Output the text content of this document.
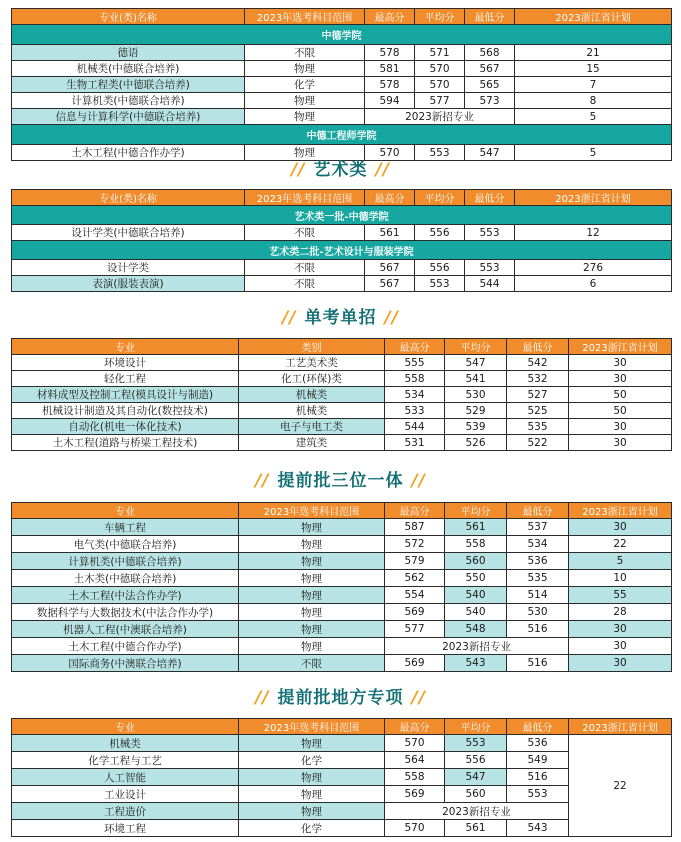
专业(类)名称	2023年选考科目范围	最高分	平均分	最低分	2023浙江省计划
中德学院					
德语	不限	578	571	568	21
机械类(中德联合培养)	物理	581	570	567	15
生物工程类(中德联合培养)	化学	578	570	565	7
计算机类(中德联合培养)	物理	594	577	573	8
信息与计算科学(中德联合培养)	物理	2023新招专业			5
中德工程师学院					
土木工程(中德合作办学)	物理	570	553	547	5
// 艺术类 //
专业(类)名称	2023年选考科目范围	最高分	平均分	最低分	2023浙江省计划
艺术类一批-中德学院					
设计学类(中德联合培养)	不限	561	556	553	12
艺术类二批-艺术设计与服装学院					
设计学类	不限	567	556	553	276
表演(服装表演)	不限	567	553	544	6
// 单考单招 //
专业	类别	最高分	平均分	最低分	2023浙江省计划
环境设计	工艺美术类	555	547	542	30
轻化工程	化工(环保)类	558	541	532	30
材料成型及控制工程(模具设计与制造)	机械类	534	530	527	50
机械设计制造及其自动化(数控技术)	机械类	533	529	525	50
自动化(机电一体化技术)	电子与电工类	544	539	535	30
土木工程(道路与桥梁工程技术)	建筑类	531	526	522	30
// 提前批三位一体 //
专业	2023年选考科目范围	最高分	平均分	最低分	2023浙江省计划
车辆工程	物理	587	561	537	30
电气类(中德联合培养)	物理	572	558	534	22
计算机类(中德联合培养)	物理	579	560	536	5
土木类(中德联合培养)	物理	562	550	535	10
土木工程(中法合作办学)	物理	554	540	514	55
数据科学与大数据技术(中法合作办学)	物理	569	540	530	28
机器人工程(中澳联合培养)	物理	577	548	516	30
土木工程(中德合作办学)	物理	2023新招专业			30
国际商务(中澳联合培养)	不限	569	543	516	30
// 提前批地方专项 //
专业	2023年选考科目范围	最高分	平均分	最低分	2023浙江省计划
机械类	物理	570	553	536	22
化学工程与工艺	化学	564	556	549	
人工智能	物理	558	547	516	
工业设计	物理	569	560	553	
工程造价	物理	2023新招专业			
环境工程	化学	570	561	543	
